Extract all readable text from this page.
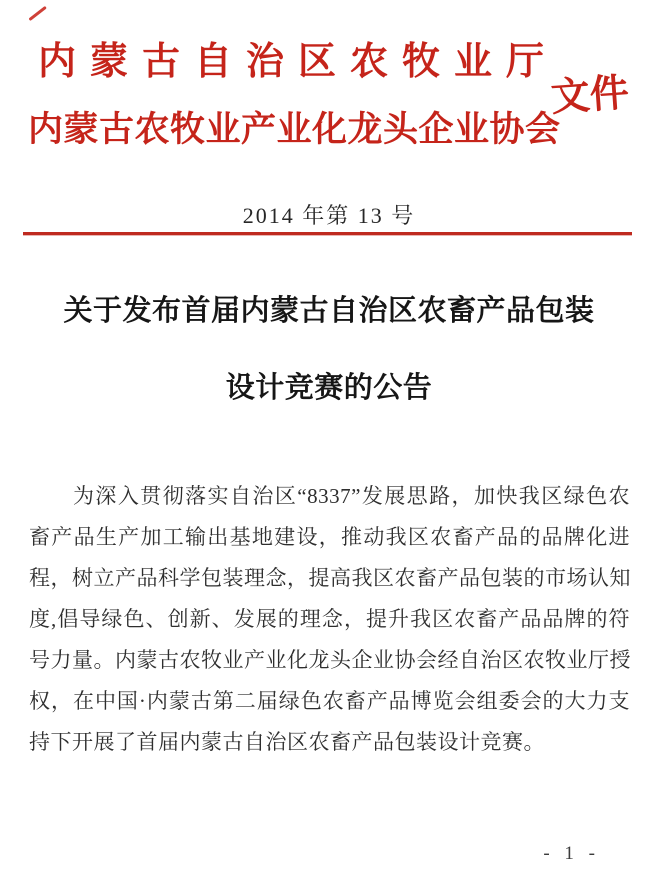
内蒙古自治区农牧业厅
文件
内蒙古农牧业产业化龙头企业协会
2014 年第 13 号
关于发布首届内蒙古自治区农畜产品包装
设计竞赛的公告
为深入贯彻落实自治区“8337”发展思路，加快我区绿色农
畜产品生产加工输出基地建设，推动我区农畜产品的品牌化进
程，树立产品科学包装理念，提高我区农畜产品包装的市场认知
度,倡导绿色、创新、发展的理念，提升我区农畜产品品牌的符
号力量。内蒙古农牧业产业化龙头企业协会经自治区农牧业厅授
权，在中国·内蒙古第二届绿色农畜产品博览会组委会的大力支
持下开展了首届内蒙古自治区农畜产品包装设计竞赛。
- 1 -
